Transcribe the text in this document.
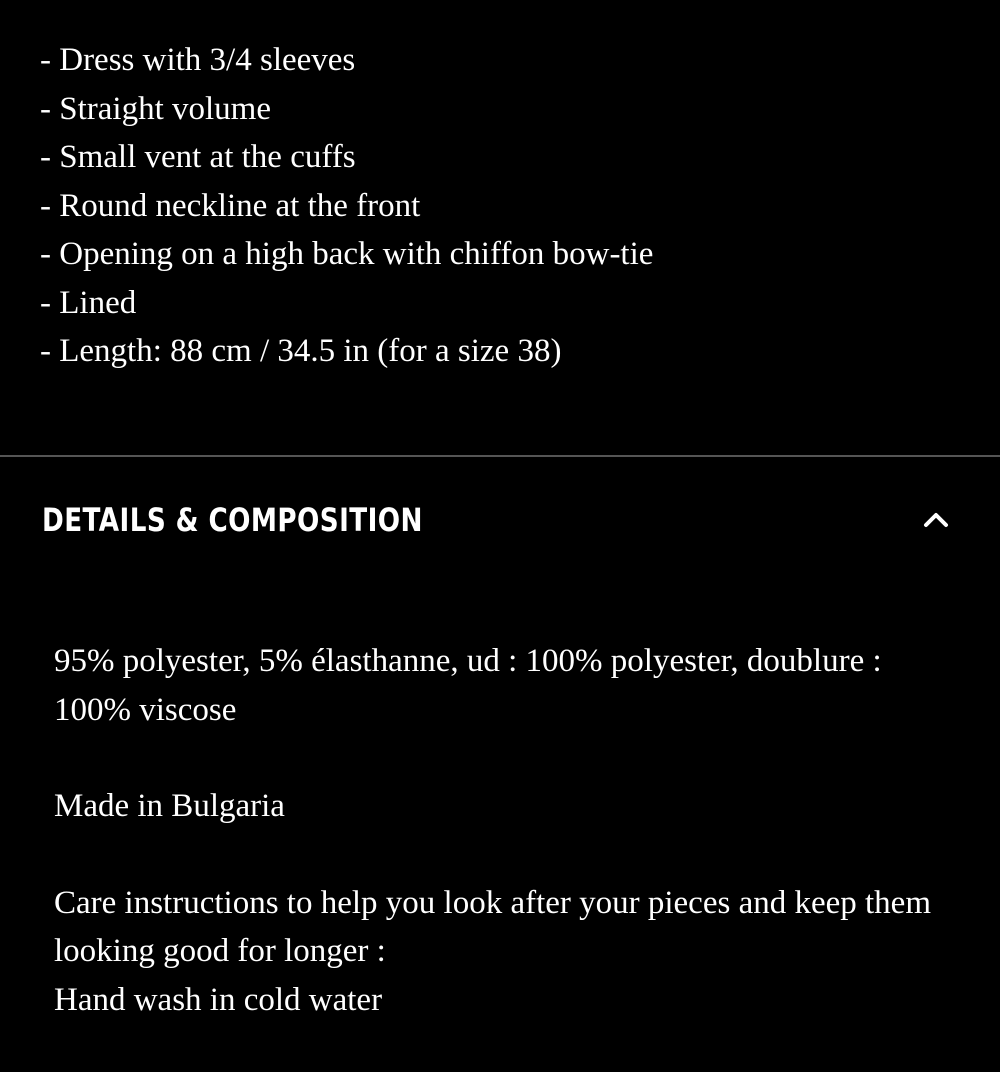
- Dress with 3/4 sleeves
- Straight volume
- Small vent at the cuffs
- Round neckline at the front
- Opening on a high back with chiffon bow-tie
- Lined
- Length: 88 cm / 34.5 in (for a size 38)
DETAILS & COMPOSITION

95% polyester, 5% élasthanne, ud : 100% polyester, doublure : 100% viscose

Made in Bulgaria

Care instructions to help you look after your pieces and keep them looking good for longer :
Hand wash in cold water
